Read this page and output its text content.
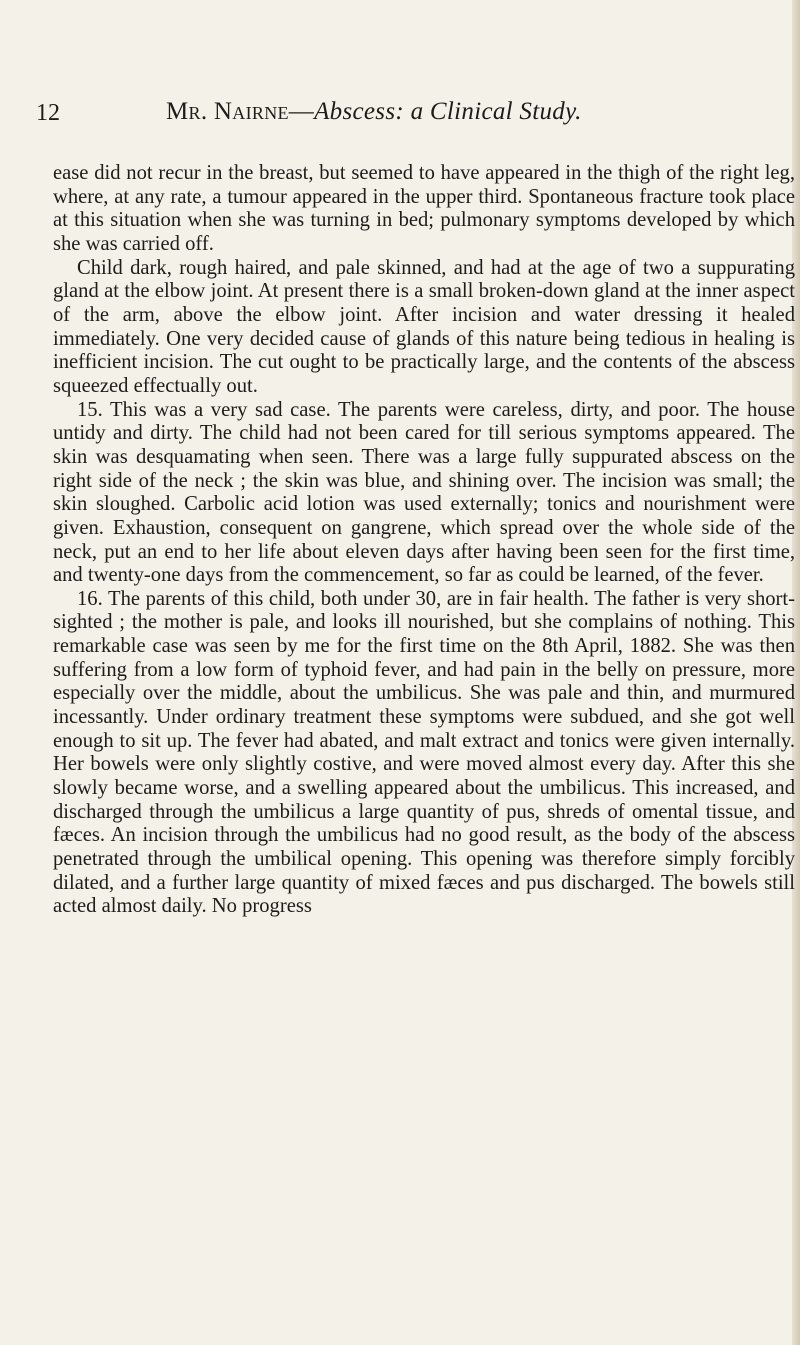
12	Mr. Nairne—Abscess: a Clinical Study.

ease did not recur in the breast, but seemed to have appeared in the thigh of the right leg, where, at any rate, a tumour appeared in the upper third. Spontaneous fracture took place at this situation when she was turning in bed; pulmonary symptoms developed by which she was carried off.

Child dark, rough haired, and pale skinned, and had at the age of two a suppurating gland at the elbow joint. At present there is a small broken-down gland at the inner aspect of the arm, above the elbow joint. After incision and water dressing it healed immediately. One very decided cause of glands of this nature being tedious in healing is inefficient incision. The cut ought to be practically large, and the contents of the abscess squeezed effectually out.

15. This was a very sad case. The parents were careless, dirty, and poor. The house untidy and dirty. The child had not been cared for till serious symptoms appeared. The skin was desquamating when seen. There was a large fully suppurated abscess on the right side of the neck ; the skin was blue, and shining over. The incision was small; the skin sloughed. Carbolic acid lotion was used externally; tonics and nourishment were given. Exhaustion, consequent on gangrene, which spread over the whole side of the neck, put an end to her life about eleven days after having been seen for the first time, and twenty-one days from the commencement, so far as could be learned, of the fever.

16. The parents of this child, both under 30, are in fair health. The father is very short-sighted ; the mother is pale, and looks ill nourished, but she complains of nothing. This remarkable case was seen by me for the first time on the 8th April, 1882. She was then suffering from a low form of typhoid fever, and had pain in the belly on pressure, more especially over the middle, about the umbilicus. She was pale and thin, and murmured incessantly. Under ordinary treatment these symptoms were subdued, and she got well enough to sit up. The fever had abated, and malt extract and tonics were given internally. Her bowels were only slightly costive, and were moved almost every day. After this she slowly became worse, and a swelling appeared about the umbilicus. This increased, and discharged through the umbilicus a large quantity of pus, shreds of omental tissue, and fæces. An incision through the umbilicus had no good result, as the body of the abscess penetrated through the umbilical opening. This opening was therefore simply forcibly dilated, and a further large quantity of mixed fæces and pus discharged. The bowels still acted almost daily. No progress
